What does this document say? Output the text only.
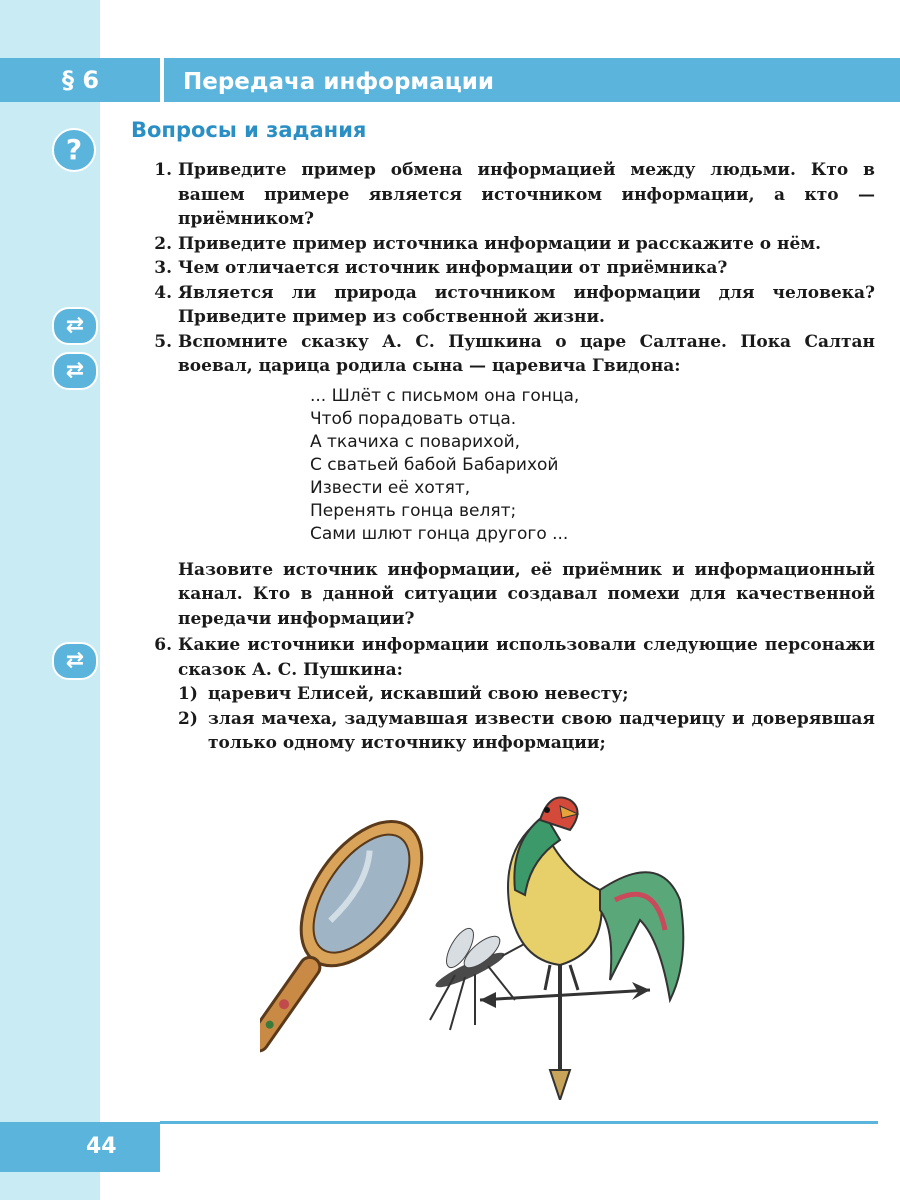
§ 6	Передача информации
?
⇄
⇄
⇄
Вопросы и задания
1. Приведите пример обмена информацией между людьми. Кто в вашем примере является источником информации, а кто — приёмником?
2. Приведите пример источника информации и расскажите о нём.
3. Чем отличается источник информации от приёмника?
4. Является ли природа источником информации для человека? Приведите пример из собственной жизни.
5. Вспомните сказку А. С. Пушкина о царе Салтане. Пока Салтан воевал, царица родила сына — царевича Гвидона:
... Шлёт с письмом она гонца,
Чтоб порадовать отца.
А ткачиха с поварихой,
С сватьей бабой Бабарихой
Извести её хотят,
Перенять гонца велят;
Сами шлют гонца другого ...
Назовите источник информации, её приёмник и информационный канал. Кто в данной ситуации создавал помехи для качественной передачи информации?
6. Какие источники информации использовали следующие персонажи сказок А. С. Пушкина:
1) царевич Елисей, искавший свою невесту;
2) злая мачеха, задумавшая извести свою падчерицу и доверявшая только одному источнику информации;
44
